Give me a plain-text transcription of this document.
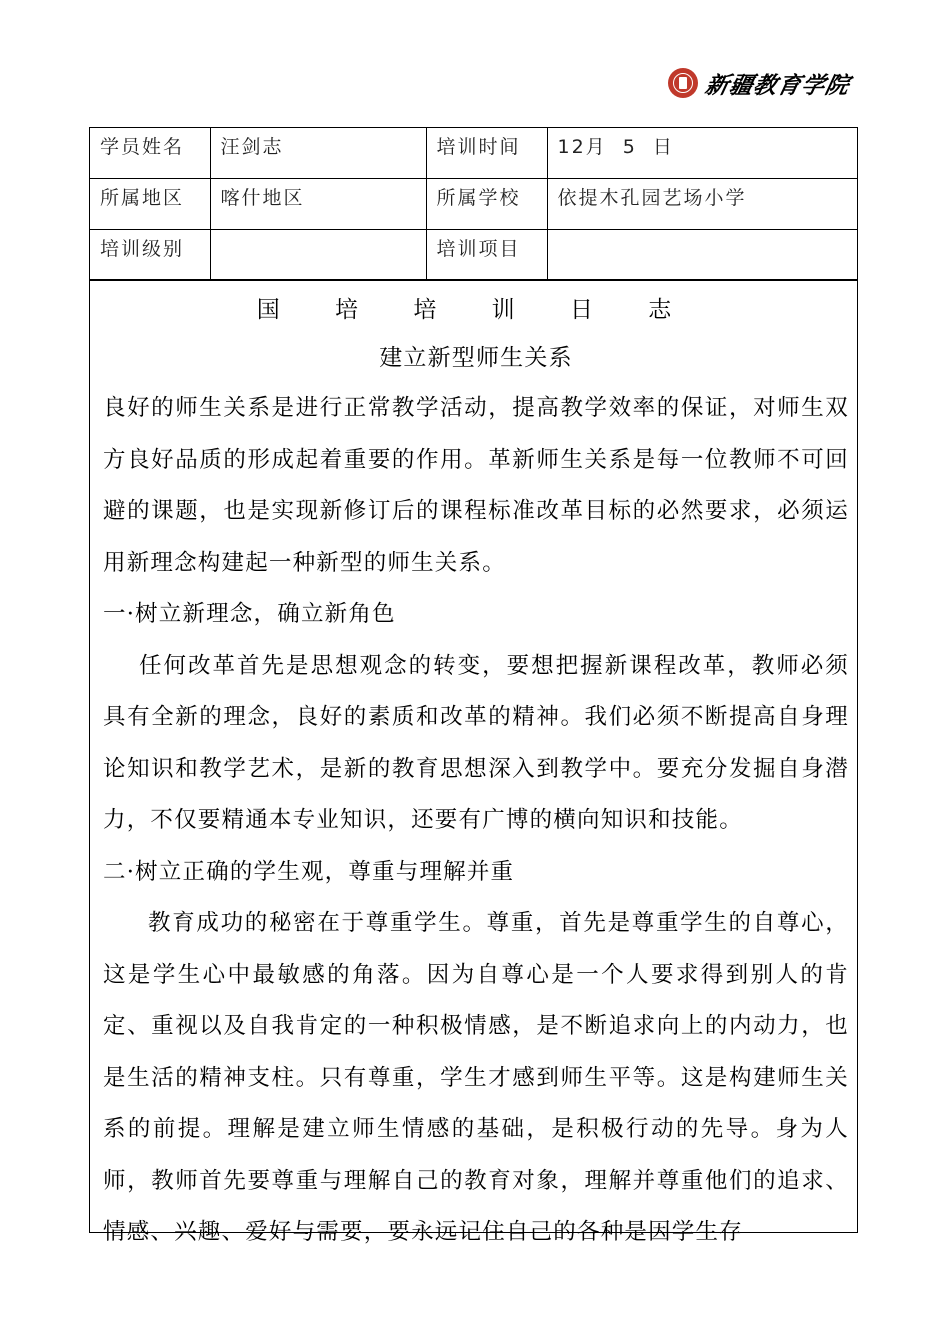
新疆教育学院
学员姓名	汪剑志	培训时间	12月  5  日
所属地区	喀什地区	所属学校	依提木孔园艺场小学
培训级别		培训项目	
国 培 培 训 日 志
建立新型师生关系
良好的师生关系是进行正常教学活动，提高教学效率的保证，对师生双方良好品质的形成起着重要的作用。革新师生关系是每一位教师不可回避的课题，也是实现新修订后的课程标准改革目标的必然要求，必须运用新理念构建起一种新型的师生关系。
一·树立新理念，确立新角色
任何改革首先是思想观念的转变，要想把握新课程改革，教师必须具有全新的理念，良好的素质和改革的精神。我们必须不断提高自身理论知识和教学艺术，是新的教育思想深入到教学中。要充分发掘自身潜力，不仅要精通本专业知识，还要有广博的横向知识和技能。
二·树立正确的学生观，尊重与理解并重
教育成功的秘密在于尊重学生。尊重，首先是尊重学生的自尊心，这是学生心中最敏感的角落。因为自尊心是一个人要求得到别人的肯定、重视以及自我肯定的一种积极情感，是不断追求向上的内动力，也是生活的精神支柱。只有尊重，学生才感到师生平等。这是构建师生关系的前提。理解是建立师生情感的基础，是积极行动的先导。身为人师，教师首先要尊重与理解自己的教育对象，理解并尊重他们的追求、情感、兴趣、爱好与需要，要永远记住自己的各种是因学生存
